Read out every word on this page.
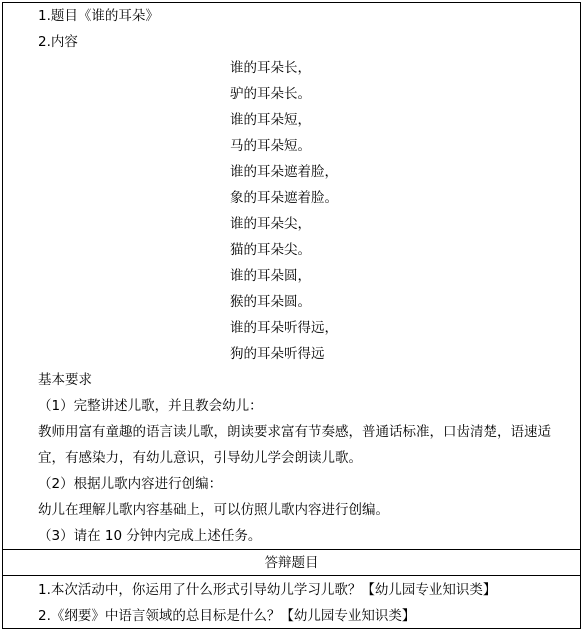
1.题目《谁的耳朵》
2.内容
谁的耳朵长，
驴的耳朵长。
谁的耳朵短，
马的耳朵短。
谁的耳朵遮着脸，
象的耳朵遮着脸。
谁的耳朵尖，
猫的耳朵尖。
谁的耳朵圆，
猴的耳朵圆。
谁的耳朵听得远，
狗的耳朵听得远
基本要求
（1）完整讲述儿歌，并且教会幼儿：
教师用富有童趣的语言读儿歌，朗读要求富有节奏感，普通话标准，口齿清楚，语速适
宜，有感染力，有幼儿意识，引导幼儿学会朗读儿歌。
（2）根据儿歌内容进行创编：
幼儿在理解儿歌内容基础上，可以仿照儿歌内容进行创编。
（3）请在 10 分钟内完成上述任务。
答辩题目
1.本次活动中，你运用了什么形式引导幼儿学习儿歌？【幼儿园专业知识类】
2.《纲要》中语言领域的总目标是什么？【幼儿园专业知识类】
